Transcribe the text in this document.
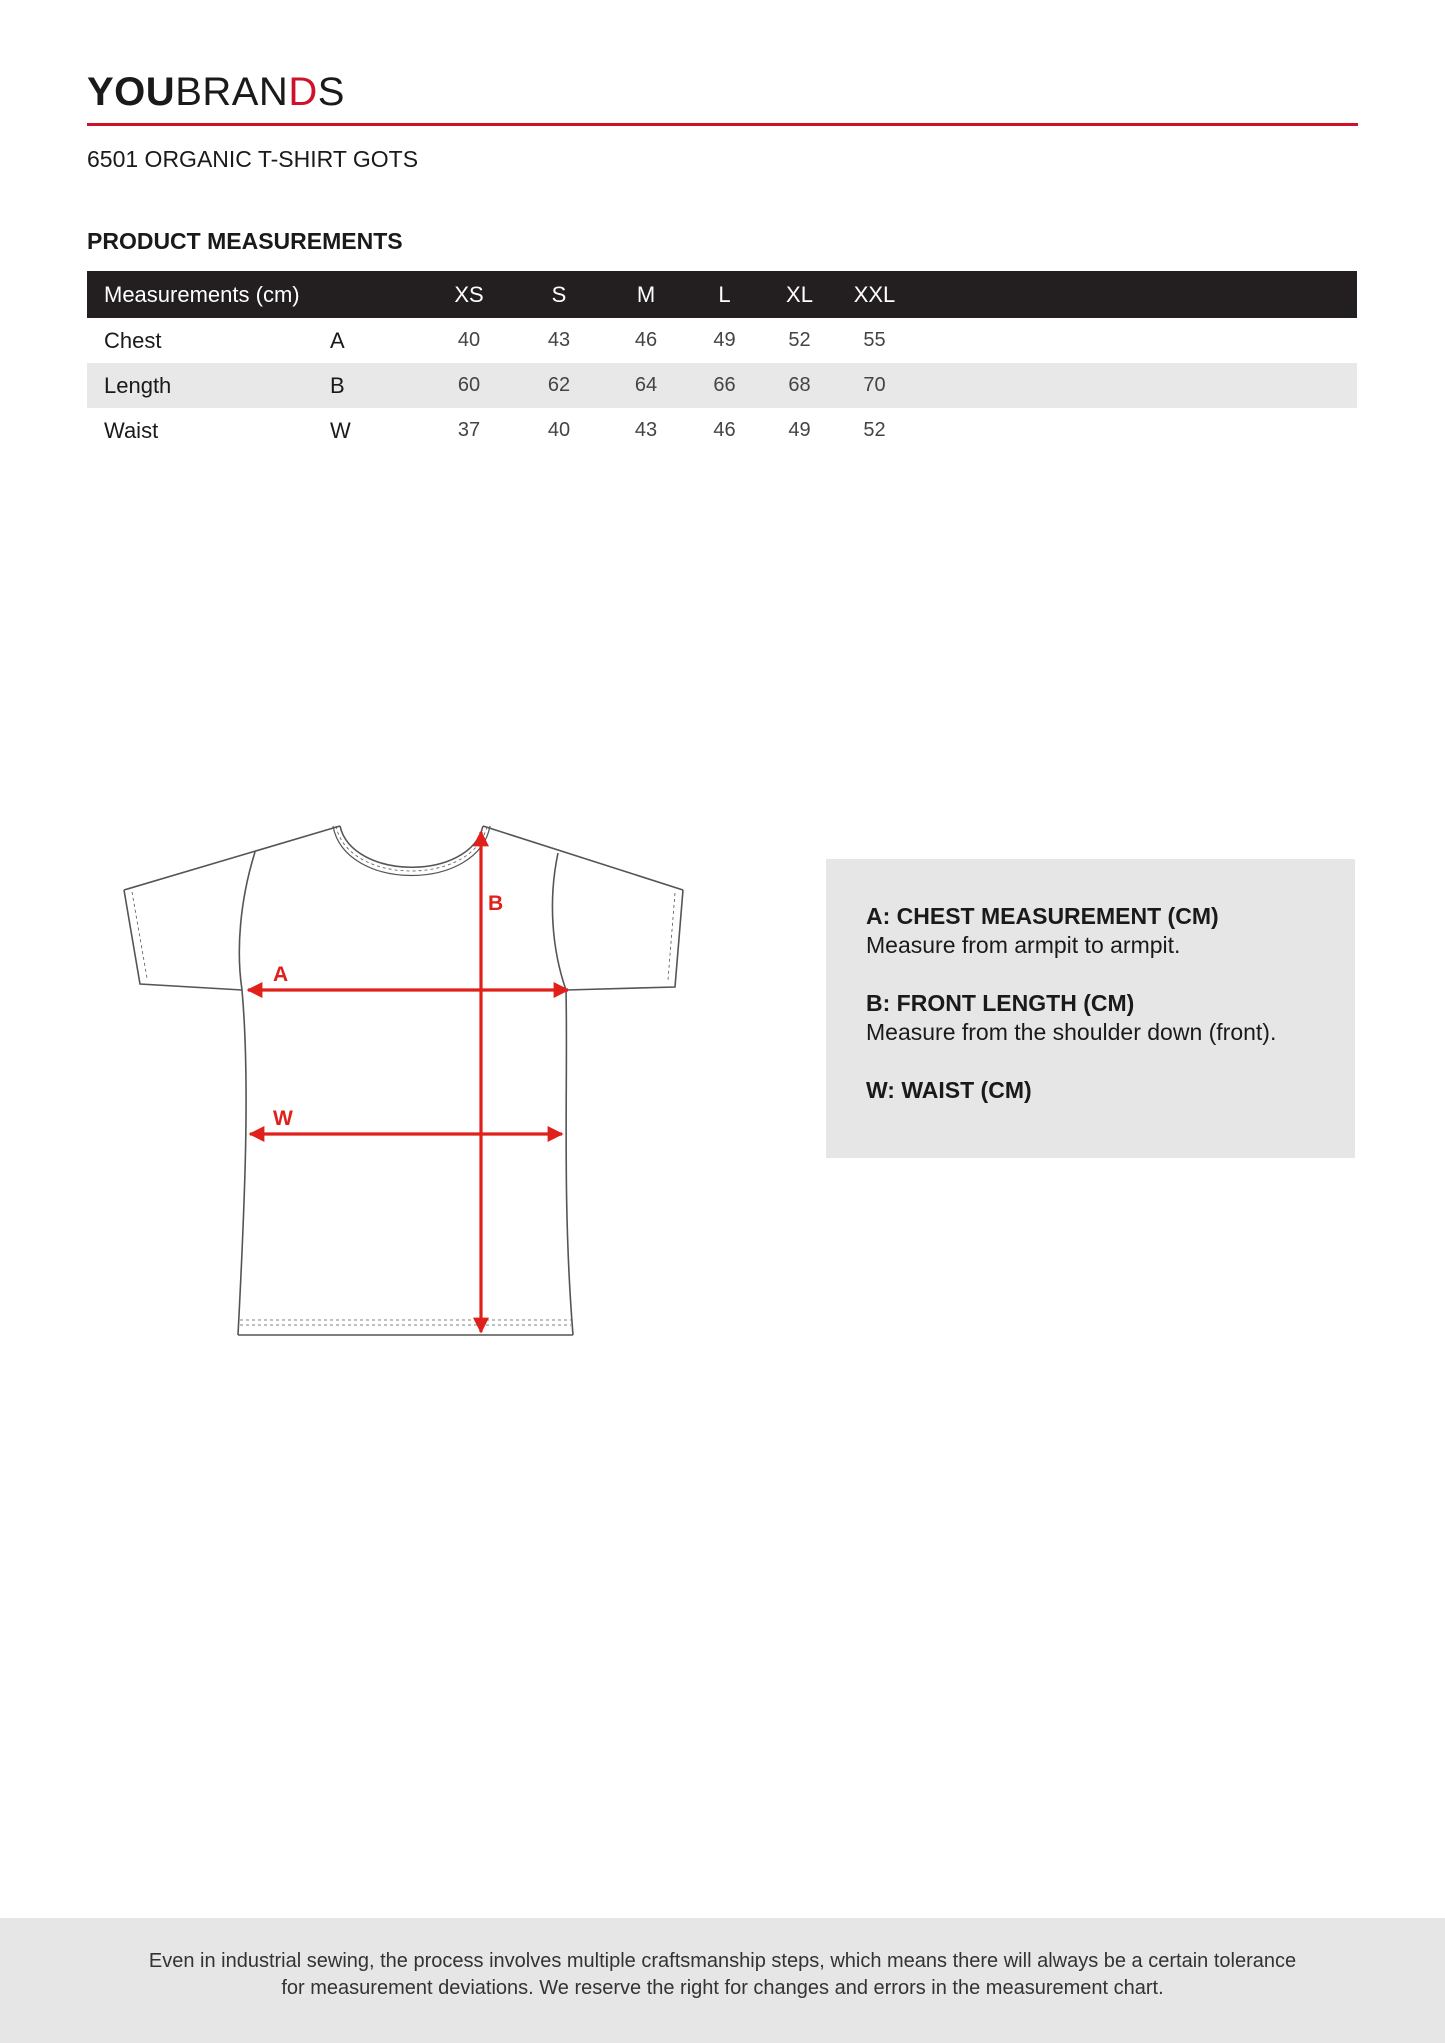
YOUBRANDS
6501 ORGANIC T-SHIRT GOTS
PRODUCT MEASUREMENTS
Measurements (cm)		XS	S	M	L	XL	XXL	
Chest	A	40	43	46	49	52	55	
Length	B	60	62	64	66	68	70	
Waist	W	37	40	43	46	49	52	
A
W
B	A: CHEST MEASUREMENT (CM)
Measure from armpit to armpit.
B: FRONT LENGTH (CM)
Measure from the shoulder down (front).
W: WAIST (CM)
Even in industrial sewing, the process involves multiple craftsmanship steps, which means there will always be a certain tolerance
for measurement deviations. We reserve the right for changes and errors in the measurement chart.
